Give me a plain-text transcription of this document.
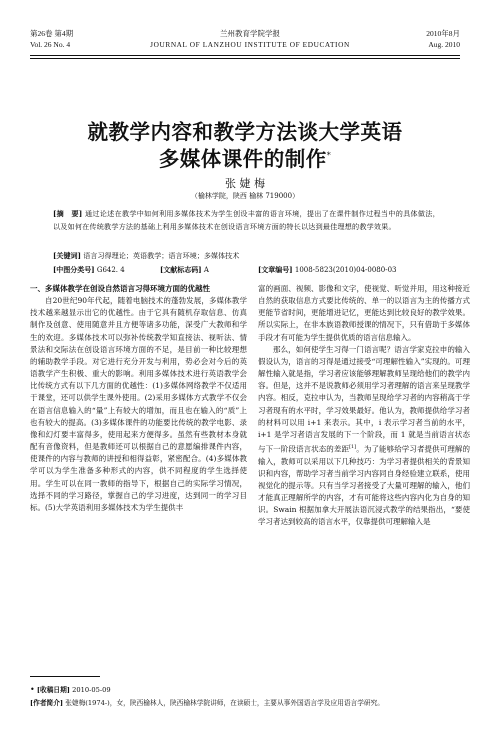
第26卷 第4期
Vol. 26 No. 4
兰州教育学院学报
JOURNAL OF LANZHOU INSTITUTE OF EDUCATION
2010年8月
Aug. 2010
就教学内容和教学方法谈大学英语
多媒体课件的制作*
张 婕 梅
（榆林学院，陕西 榆林 719000）
[摘　要] 通过论述在教学中如何利用多媒体技术为学生创设丰富的语言环境，提出了在课件制作过程当中的具体做法，以及如何在传统教学方法的基础上利用多媒体技术在创设语言环境方面的特长以达到最佳理想的教学效果。
[关键词] 语言习得理论；英语教学；语言环境；多媒体技术
[中图分类号] G642. 4	[文献标志码] A	[文章编号] 1008-5823(2010)04-0080-03

一、多媒体教学在创设自然语言习得环境方面的优越性

自20世纪90年代起，随着电脑技术的蓬勃发展，多媒体教学技术越来越显示出它的优越性。由于它具有随机存取信息、仿真制作及创意、使用随意并且方便等诸多功能，深受广大教师和学生的欢迎。多媒体技术可以弥补传统教学知直接法、视听法、情景法和交际法在创设语言环境方面的不足，是目前一种比较理想的辅助教学手段。对它进行充分开发与利用，势必会对今后的英语教学产生积极、重大的影响。利用多媒体技术进行英语教学会比传统方式有以下几方面的优越性：(1)多媒体网络教学不仅适用于课堂，还可以供学生课外使用。(2)采用多媒体方式教学不仅会在语言信息输入的“量”上有较大的增加，而且也在输入的“质”上也有较大的提高。(3)多媒体课件的功能要比传统的教学电影、录像和幻灯要丰富得多，使用起来方便得多。虽然有些教材本身就配有音像资料，但是教师还可以根据自己的意愿编排课件内容，使课件的内容与教师的讲授和相得益彰，紧密配合。(4)多媒体教学可以为学生准备多种形式的内容，供不同程度的学生选择使用。学生可以在同一教师的指导下，根据自己的实际学习情况，选择不同的学习路径，掌握自己的学习进度，达到同一的学习目标。(5)大学英语利用多媒体技术为学生提供丰

富的画面、视频、影像和文字，使视觉、听觉并用，用这种接近自然的获取信息方式要比传统的、单一的以语言为主的传播方式更能节省时间，更能增进记忆，更能达到比较良好的教学效果。所以实际上，在非本族语教师授课的情况下，只有借助于多媒体手段才有可能为学生提供优质的语言信息输入。

那么，如何使学生习得一门语言呢？语言学家克拉申的输入假设认为，语言的习得是通过接受“可理解性输入”实现的。可理解性输入就是指，学习者应该能够理解教师呈现给他们的教学内容。但是，这并不是说教师必须用学习者理解的语言来呈现教学内容。相反，克拉申认为，当教师呈现给学习者的内容稍高于学习者现有的水平时，学习效果最好。他认为，教师提供给学习者的材料可以用 i+1 来表示。其中，i 表示学习者当前的水平，i+1 是学习者语言发展的下一个阶段，而 1 就是当前语言状态与下一阶段语言状态的差距[1]。为了能够给学习者提供可理解的输入，教师可以采用以下几种技巧：为学习者提供相关的背景知识和内容，帮助学习者当前学习内容同自身经验建立联系，使用视觉化的提示等。只有当学习者接受了大量可理解的输入，他们才能真正理解所学的内容，才有可能将这些内容内化为自身的知识。Swain 根据加拿大开展法语沉浸式教学的结果指出，“要使学习者达到较高的语言水平，仅靠提供可理解输入是

• [收稿日期] 2010-05-09
[作者简介] 张婕梅(1974-)，女，陕西榆林人，陕西榆林学院讲师，在读硕士，主要从事外国语言学及应用语言学研究。
